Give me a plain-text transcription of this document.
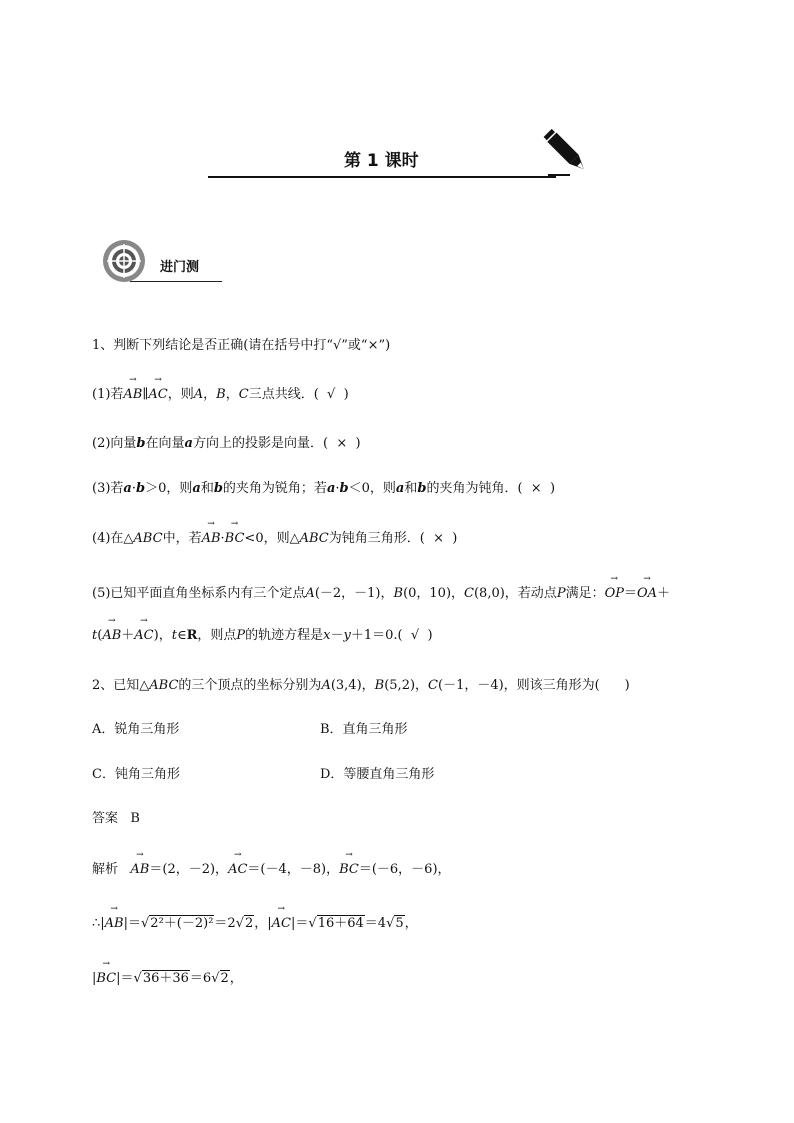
第 1 课时
进门测
1、判断下列结论是否正确(请在括号中打“√”或“×”)
(1)若→ AB∥→ AC，则A，B，C三点共线．( √ )
(2)向量b在向量a方向上的投影是向量．( × )
(3)若a·b＞0，则a和b的夹角为锐角；若a·b＜0，则a和b的夹角为钝角．( × )
(4)在△ABC中，若→ AB·→ BC<0，则△ABC为钝角三角形．( × )
(5)已知平面直角坐标系内有三个定点A(－2，－1)，B(0，10)，C(8,0)，若动点P满足：→ OP＝→ OA＋
t(→ AB＋→ AC)，t∈R，则点P的轨迹方程是x－y＋1＝0.( √ )
2、已知△ABC的三个顶点的坐标分别为A(3,4)，B(5,2)，C(－1，－4)，则该三角形为( )
A．锐角三角形	B．直角三角形
C．钝角三角形	D．等腰直角三角形
答案 B
解析   → AB＝(2，－2)，→ AC＝(－4，－8)，→ BC＝(－6，－6)，
∴|→ AB|＝√2²＋(－2)²＝2√2，|→ AC|＝√16＋64＝4√5，
|→ BC|＝√36＋36＝6√2，
